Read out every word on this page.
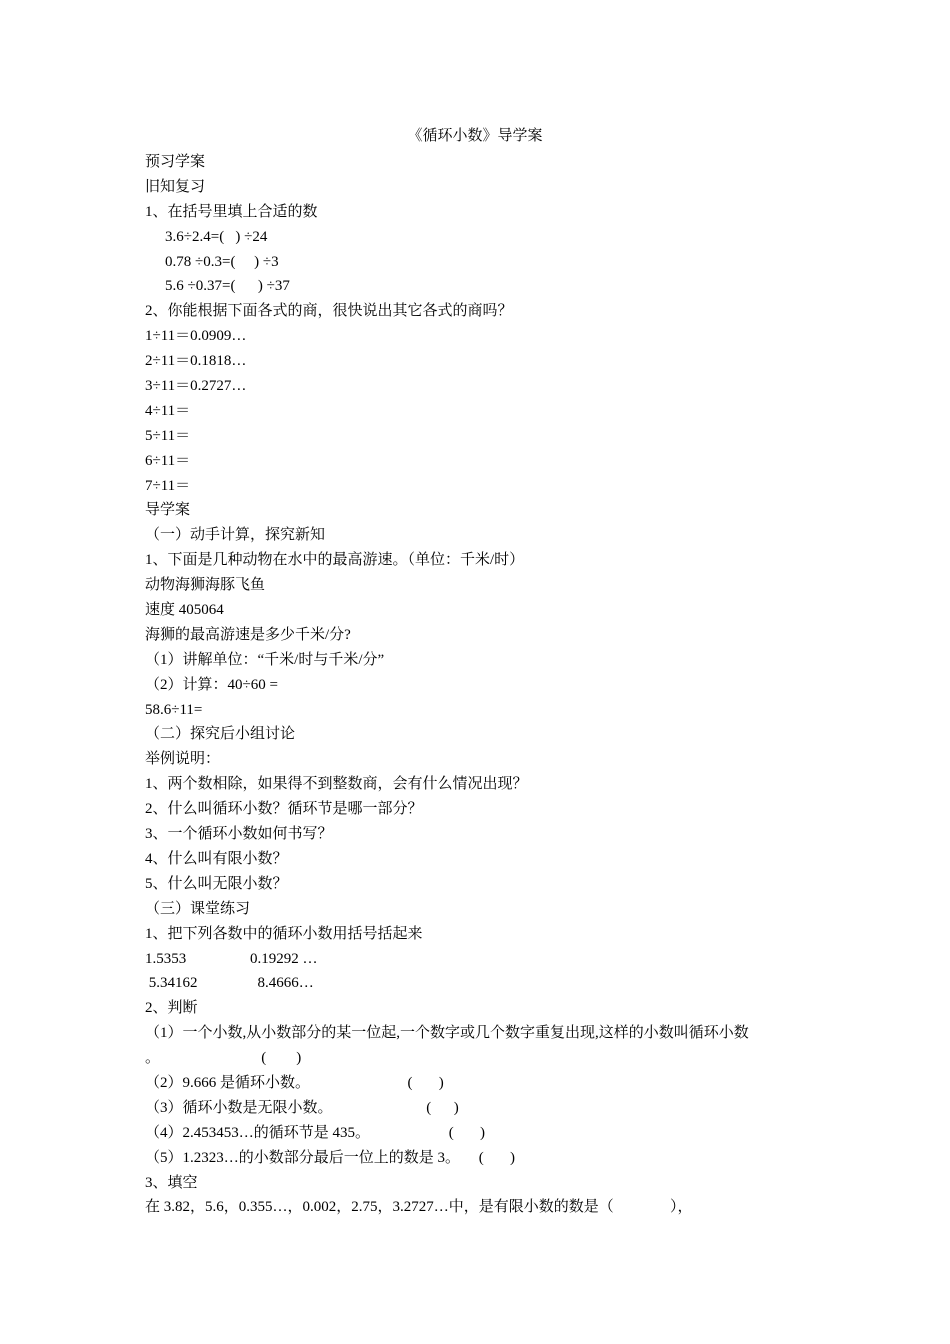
《循环小数》导学案
预习学案
旧知复习
1、在括号里填上合适的数
3.6÷2.4=(   ) ÷24
0.78 ÷0.3=(     ) ÷3
5.6 ÷0.37=(      ) ÷37
2、你能根据下面各式的商，很快说出其它各式的商吗？
1÷11＝0.0909…
2÷11＝0.1818…
3÷11＝0.2727…
4÷11＝
5÷11＝
6÷11＝
7÷11＝
导学案
（一）动手计算，探究新知
1、下面是几种动物在水中的最高游速。（单位：千米/时）
动物海狮海豚飞鱼
速度 405064
海狮的最高游速是多少千米/分?
（1）讲解单位：“千米/时与千米/分”
（2）计算：40÷60 =
58.6÷11=
（二）探究后小组讨论
举例说明：
1、两个数相除，如果得不到整数商，会有什么情况出现？
2、什么叫循环小数？循环节是哪一部分？
3、一个循环小数如何书写？
4、什么叫有限小数？
5、什么叫无限小数？
（三）课堂练习
1、把下列各数中的循环小数用括号括起来
1.5353                 0.19292 …
5.34162                8.4666…
2、判断
（1）一个小数,从小数部分的某一位起,一个数字或几个数字重复出现,这样的小数叫循环小数
。                           (        )
（2）9.666 是循环小数。                          (       )
（3）循环小数是无限小数。                         (      )
（4）2.453453…的循环节是 435。                     (       )
（5）1.2323…的小数部分最后一位上的数是 3。     (       )
3、填空
在 3.82，5.6，0.355…，0.002，2.75，3.2727…中，是有限小数的数是（               ），
